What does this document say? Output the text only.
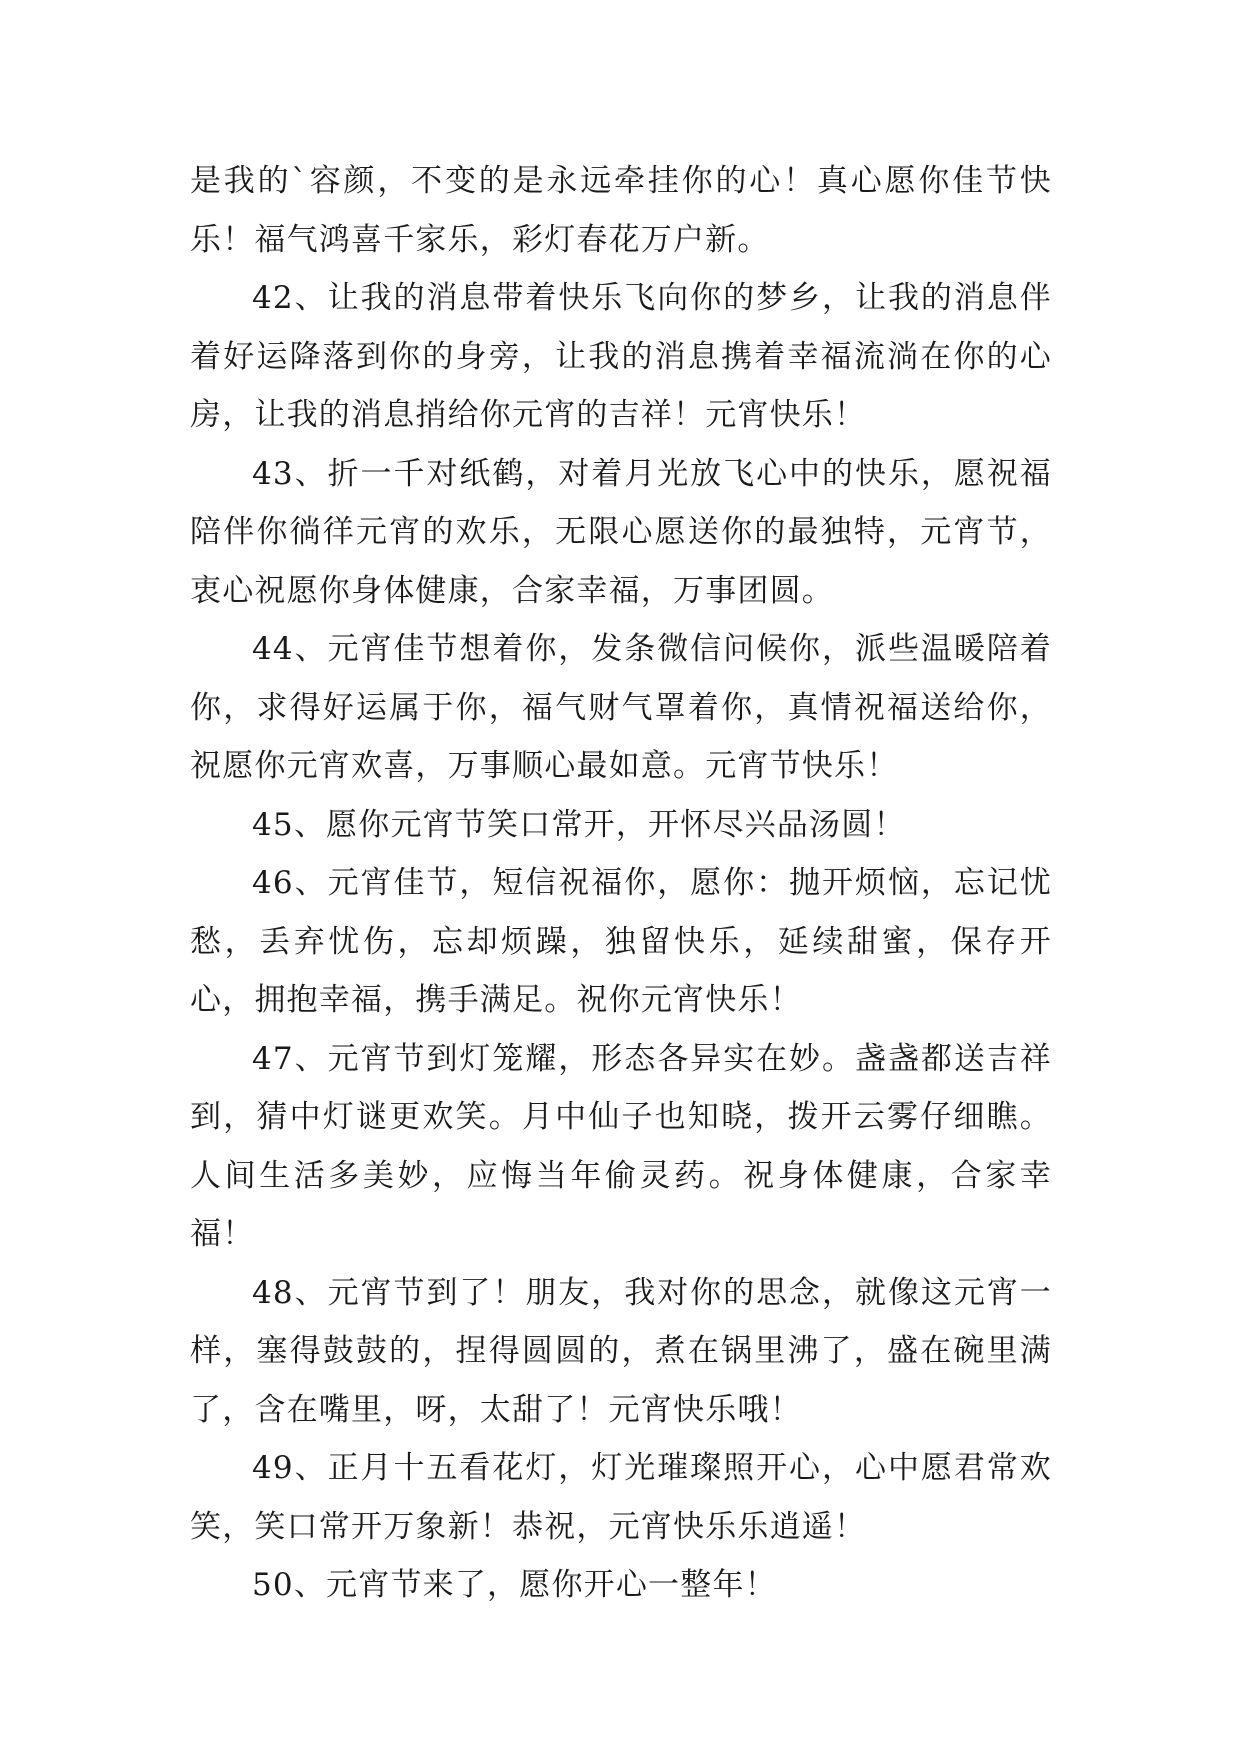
是我的`容颜，不变的是永远牵挂你的心！真心愿你佳节快乐！福气鸿喜千家乐，彩灯春花万户新。

42、让我的消息带着快乐飞向你的梦乡，让我的消息伴着好运降落到你的身旁，让我的消息携着幸福流淌在你的心房，让我的消息捎给你元宵的吉祥！元宵快乐！

43、折一千对纸鹤，对着月光放飞心中的快乐，愿祝福陪伴你徜徉元宵的欢乐，无限心愿送你的最独特，元宵节，衷心祝愿你身体健康，合家幸福，万事团圆。

44、元宵佳节想着你，发条微信问候你，派些温暖陪着你，求得好运属于你，福气财气罩着你，真情祝福送给你，祝愿你元宵欢喜，万事顺心最如意。元宵节快乐！

45、愿你元宵节笑口常开，开怀尽兴品汤圆！

46、元宵佳节，短信祝福你，愿你：抛开烦恼，忘记忧愁，丢弃忧伤，忘却烦躁，独留快乐，延续甜蜜，保存开心，拥抱幸福，携手满足。祝你元宵快乐！

47、元宵节到灯笼耀，形态各异实在妙。盏盏都送吉祥到，猜中灯谜更欢笑。月中仙子也知晓，拨开云雾仔细瞧。人间生活多美妙，应悔当年偷灵药。祝身体健康，合家幸福！

48、元宵节到了！朋友，我对你的思念，就像这元宵一样，塞得鼓鼓的，捏得圆圆的，煮在锅里沸了，盛在碗里满了，含在嘴里，呀，太甜了！元宵快乐哦！

49、正月十五看花灯，灯光璀璨照开心，心中愿君常欢笑，笑口常开万象新！恭祝，元宵快乐乐逍遥！

50、元宵节来了，愿你开心一整年！
